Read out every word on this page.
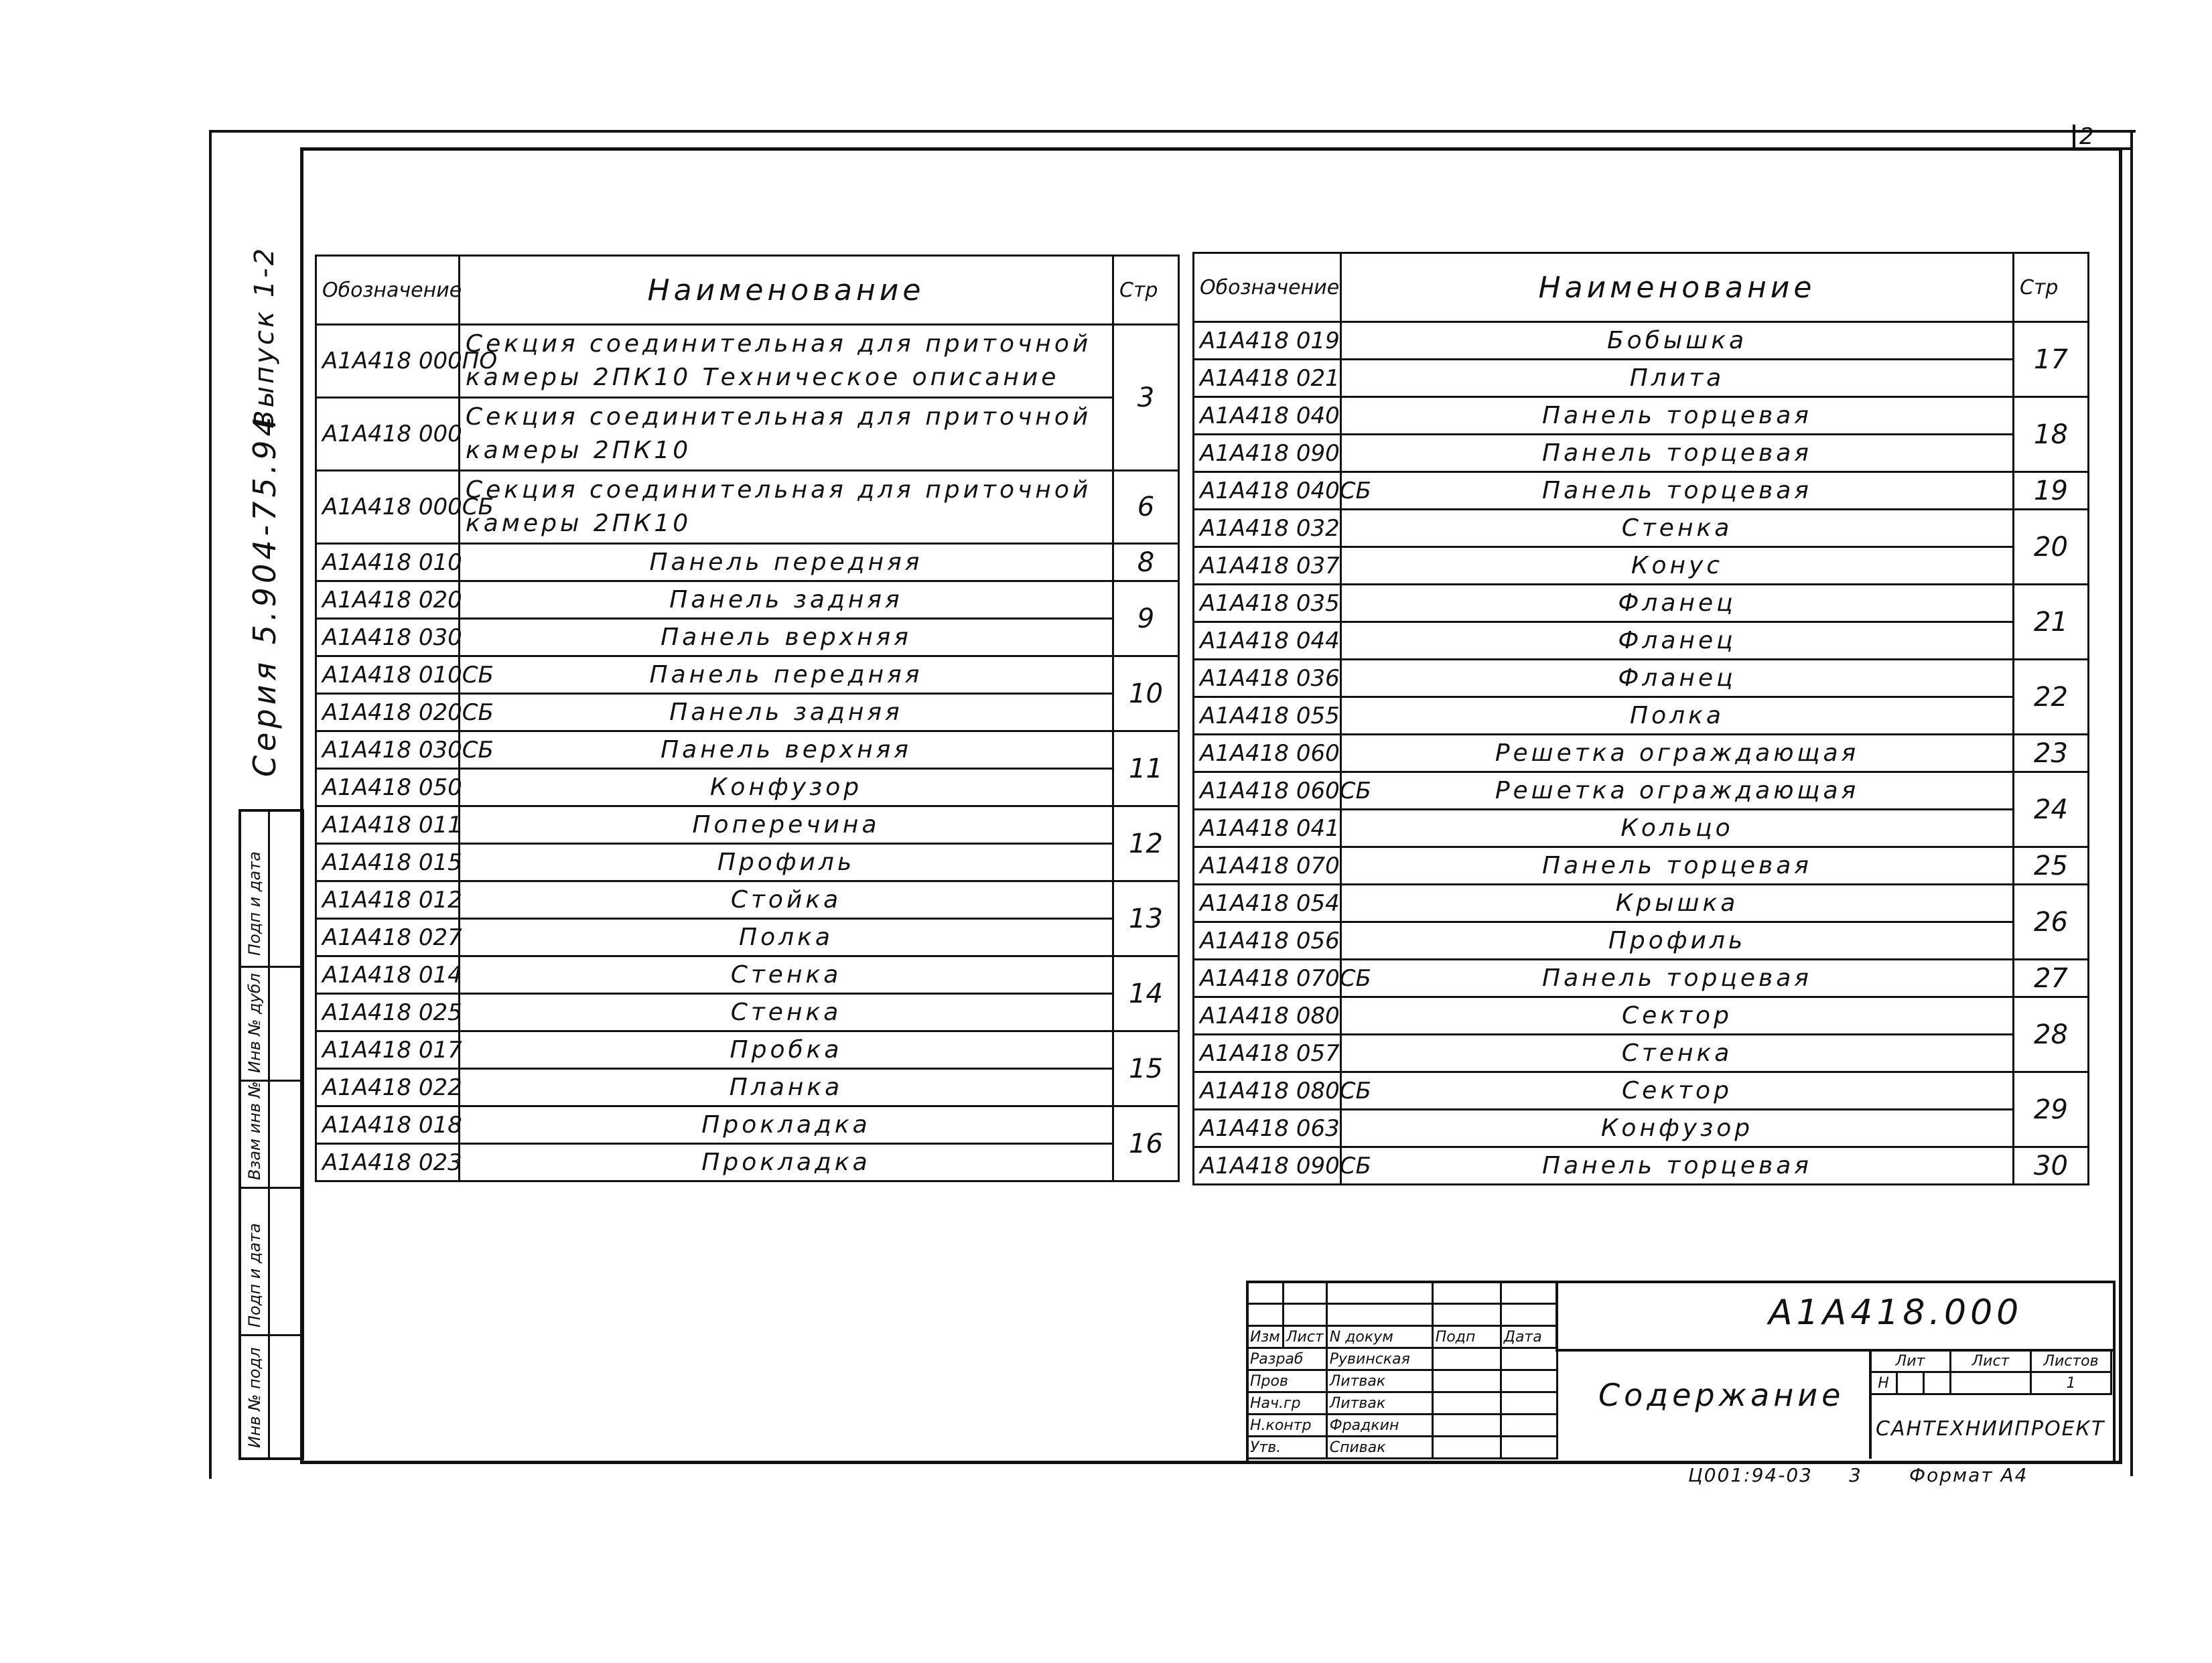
2
Серия 5.904-75.94
Выпуск 1-2
Подп и дата
Инв № дубл
Взам инв №
Подп и дата
Инв № подл
Обозначение	Наименование	Стр
А1А418 000ПО	Секция соединительная для приточной камеры 2ПК10 Техническое описание	3
А1А418 000	Секция соединительная для приточной камеры 2ПК10	
А1А418 000СБ	Секция соединительная для приточной камеры 2ПК10	6
А1А418 010	Панель передняя	8
А1А418 020	Панель задняя	9
А1А418 030	Панель верхняя	
А1А418 010СБ	Панель передняя	10
А1А418 020СБ	Панель задняя	
А1А418 030СБ	Панель верхняя	11
А1А418 050	Конфузор	
А1А418 011	Поперечина	12
А1А418 015	Профиль	
А1А418 012	Стойка	13
А1А418 027	Полка	
А1А418 014	Стенка	14
А1А418 025	Стенка	
А1А418 017	Пробка	15
А1А418 022	Планка	
А1А418 018	Прокладка	16
А1А418 023	Прокладка	
Обозначение	Наименование	Стр
А1А418 019	Бобышка	17
А1А418 021	Плита	
А1А418 040	Панель торцевая	18
А1А418 090	Панель торцевая	
А1А418 040СБ	Панель торцевая	19
А1А418 032	Стенка	20
А1А418 037	Конус	
А1А418 035	Фланец	21
А1А418 044	Фланец	
А1А418 036	Фланец	22
А1А418 055	Полка	
А1А418 060	Решетка ограждающая	23
А1А418 060СБ	Решетка ограждающая	24
А1А418 041	Кольцо	
А1А418 070	Панель торцевая	25
А1А418 054	Крышка	26
А1А418 056	Профиль	
А1А418 070СБ	Панель торцевая	27
А1А418 080	Сектор	28
А1А418 057	Стенка	
А1А418 080СБ	Сектор	29
А1А418 063	Конфузор	
А1А418 090СБ	Панель торцевая	30

Изм	Лист	N докум	Подп	Дата
Разраб		Рувинская		
Пров		Литвак		
Нач.гр		Литвак		
Н.контр		Фрадкин		
Утв.		Спивак		
А1А418.000
Содержание
Лит			Лист	Листов
Н				1
САНТЕХНИИПРОЕКТ
Ц001:94-03 3	Формат А4
